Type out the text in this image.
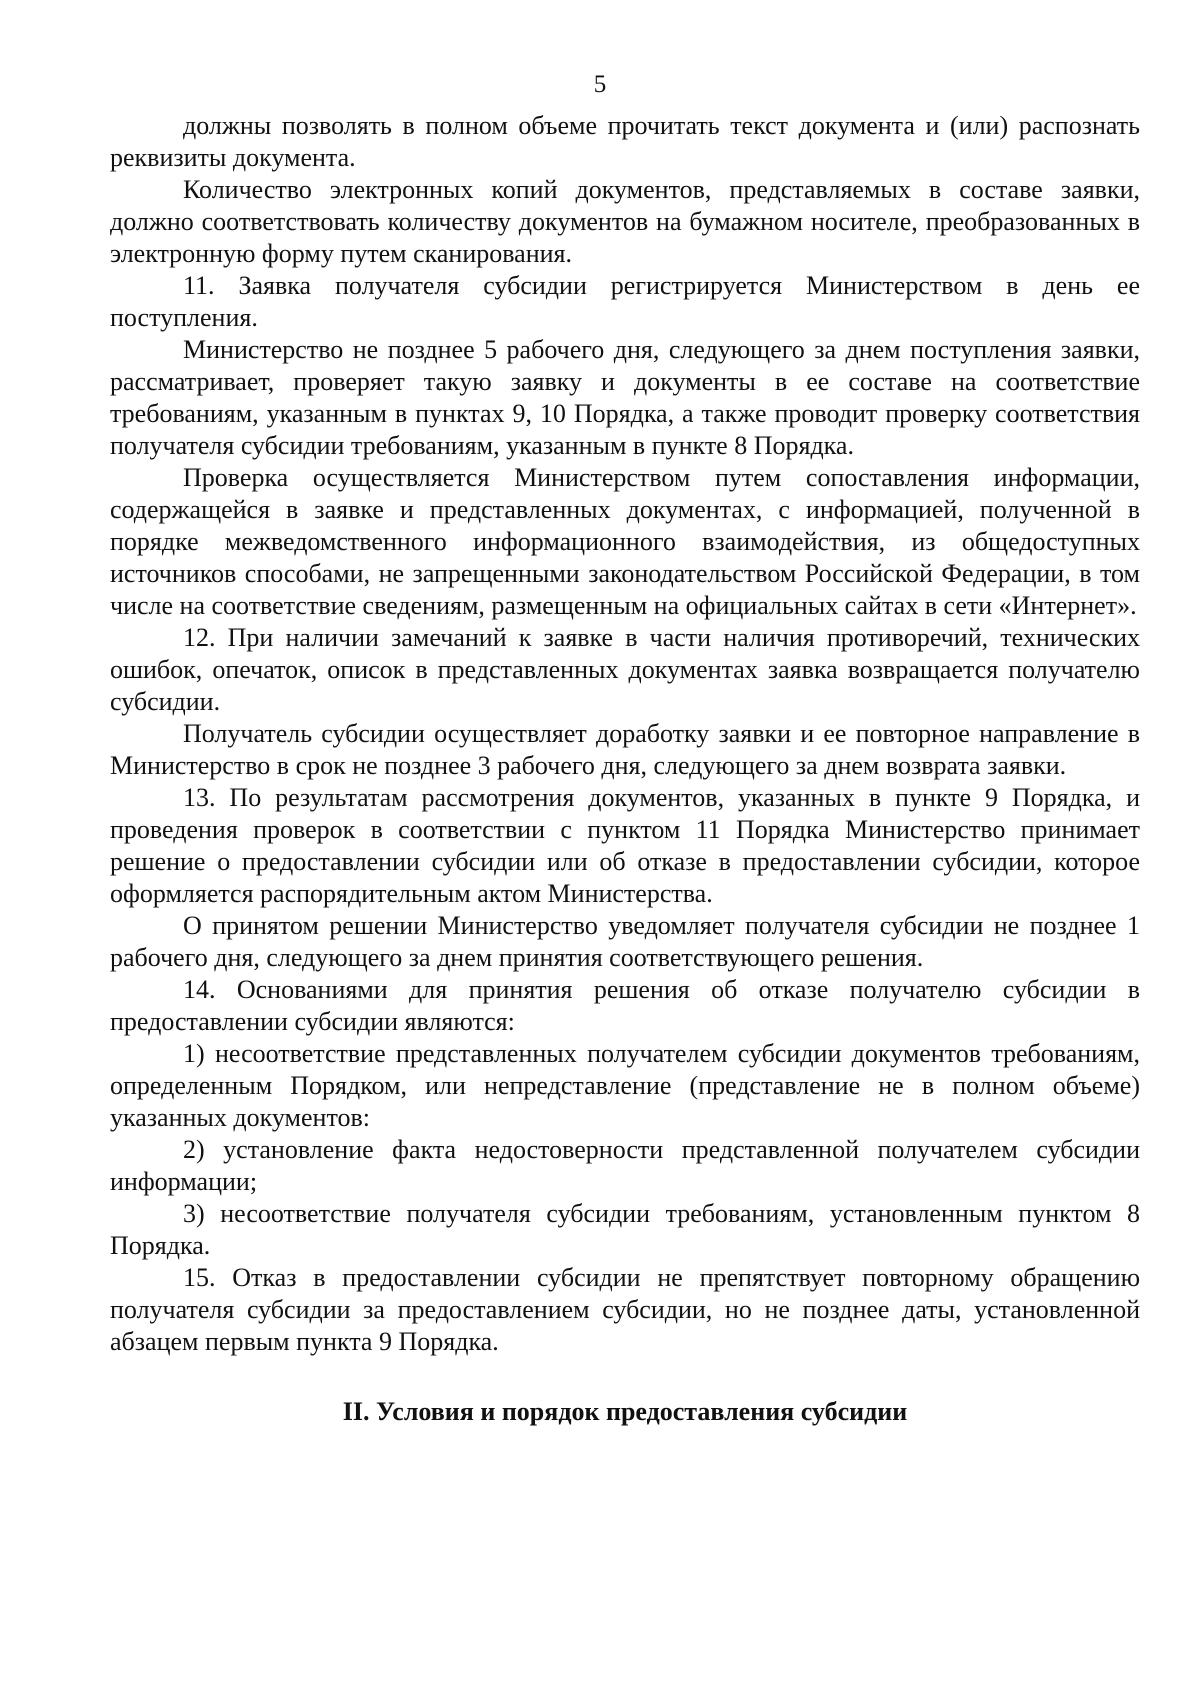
5

должны позволять в полном объеме прочитать текст документа и (или) распознать реквизиты документа.

Количество электронных копий документов, представляемых в составе заявки, должно соответствовать количеству документов на бумажном носителе, преобразованных в электронную форму путем сканирования.

11. Заявка получателя субсидии регистрируется Министерством в день ее поступления.

Министерство не позднее 5 рабочего дня, следующего за днем поступления заявки, рассматривает, проверяет такую заявку и документы в ее составе на соответствие требованиям, указанным в пунктах 9, 10 Порядка, а также проводит проверку соответствия получателя субсидии требованиям, указанным в пункте 8 Порядка.

Проверка осуществляется Министерством путем сопоставления информации, содержащейся в заявке и представленных документах, с информацией, полученной в порядке межведомственного информационного взаимодействия, из общедоступных источников способами, не запрещенными законодательством Российской Федерации, в том числе на соответствие сведениям, размещенным на официальных сайтах в сети «Интернет».

12. При наличии замечаний к заявке в части наличия противоречий, технических ошибок, опечаток, описок в представленных документах заявка возвращается получателю субсидии.

Получатель субсидии осуществляет доработку заявки и ее повторное направление в Министерство в срок не позднее 3 рабочего дня, следующего за днем возврата заявки.

13. По результатам рассмотрения документов, указанных в пункте 9 Порядка, и проведения проверок в соответствии с пунктом 11 Порядка Министерство принимает решение о предоставлении субсидии или об отказе в предоставлении субсидии, которое оформляется распорядительным актом Министерства.

О принятом решении Министерство уведомляет получателя субсидии не позднее 1 рабочего дня, следующего за днем принятия соответствующего решения.

14. Основаниями для принятия решения об отказе получателю субсидии в предоставлении субсидии являются:

1) несоответствие представленных получателем субсидии документов требованиям, определенным Порядком, или непредставление (представление не в полном объеме) указанных документов:

2) установление факта недостоверности представленной получателем субсидии информации;

3) несоответствие получателя субсидии требованиям, установленным пунктом 8 Порядка.

15. Отказ в предоставлении субсидии не препятствует повторному обращению получателя субсидии за предоставлением субсидии, но не позднее даты, установленной абзацем первым пункта 9 Порядка.

II. Условия и порядок предоставления субсидии
